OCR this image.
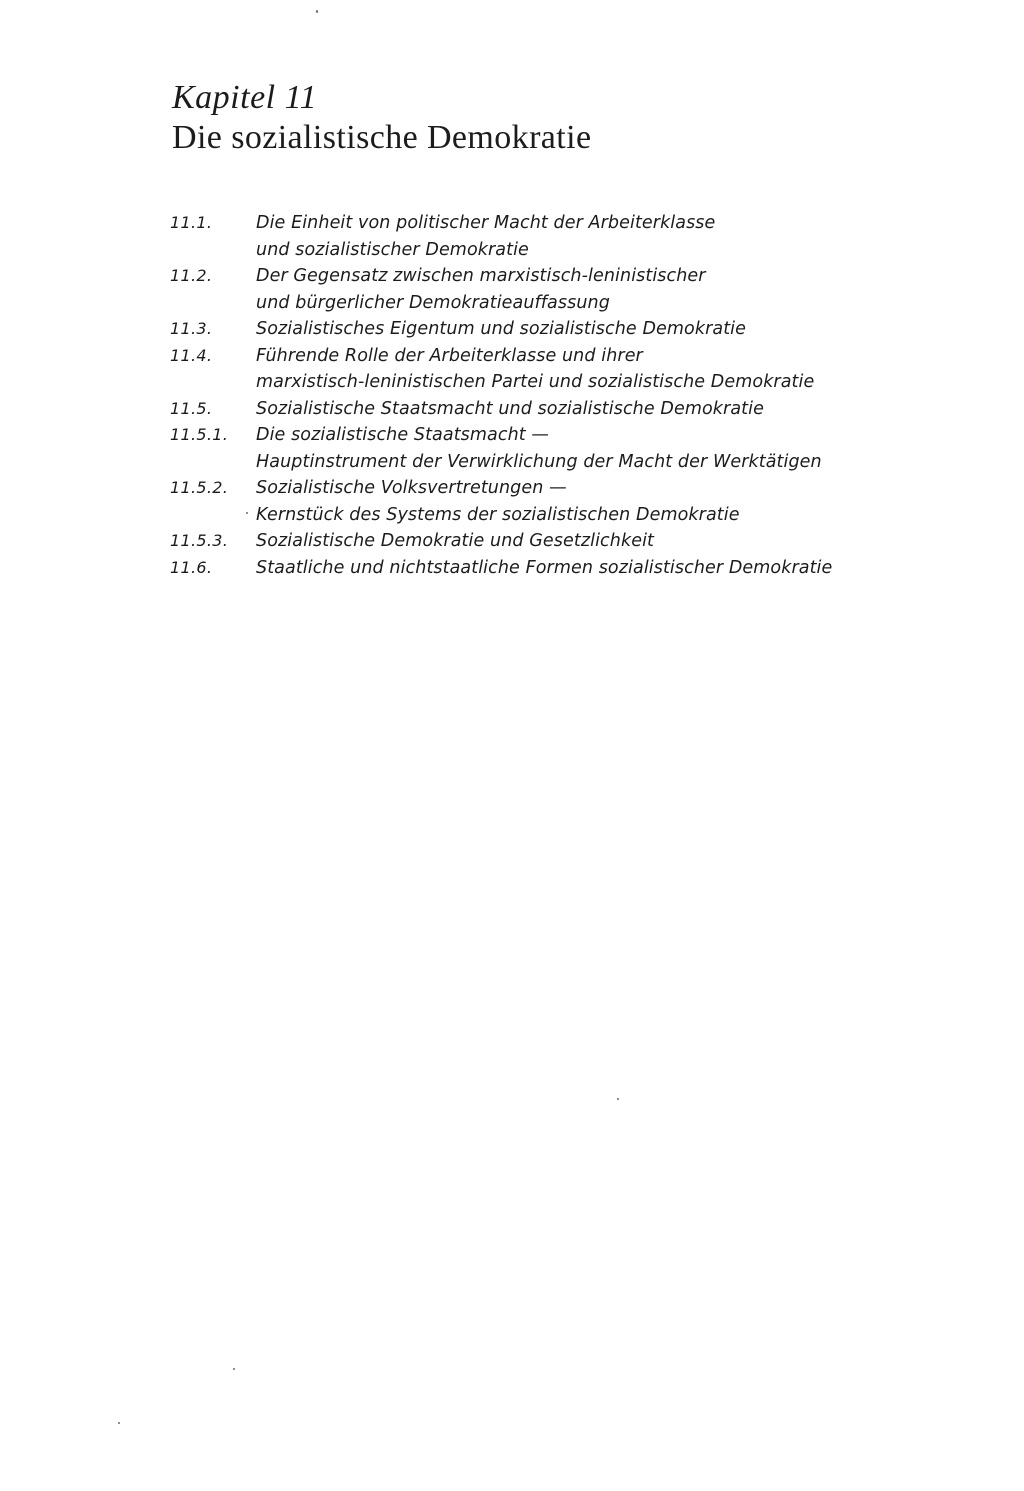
Kapitel 11
Die sozialistische Demokratie
11.1.	Die Einheit von politischer Macht der Arbeiterklasse
und sozialistischer Demokratie
11.2.	Der Gegensatz zwischen marxistisch-leninistischer
und bürgerlicher Demokratieauffassung
11.3.	Sozialistisches Eigentum und sozialistische Demokratie
11.4.	Führende Rolle der Arbeiterklasse und ihrer
marxistisch-leninistischen Partei und sozialistische Demokratie
11.5.	Sozialistische Staatsmacht und sozialistische Demokratie
11.5.1.	Die sozialistische Staatsmacht —
Hauptinstrument der Verwirklichung der Macht der Werktätigen
11.5.2.	Sozialistische Volksvertretungen —
Kernstück des Systems der sozialistischen Demokratie
11.5.3.	Sozialistische Demokratie und Gesetzlichkeit
11.6.	Staatliche und nichtstaatliche Formen sozialistischer Demokratie
